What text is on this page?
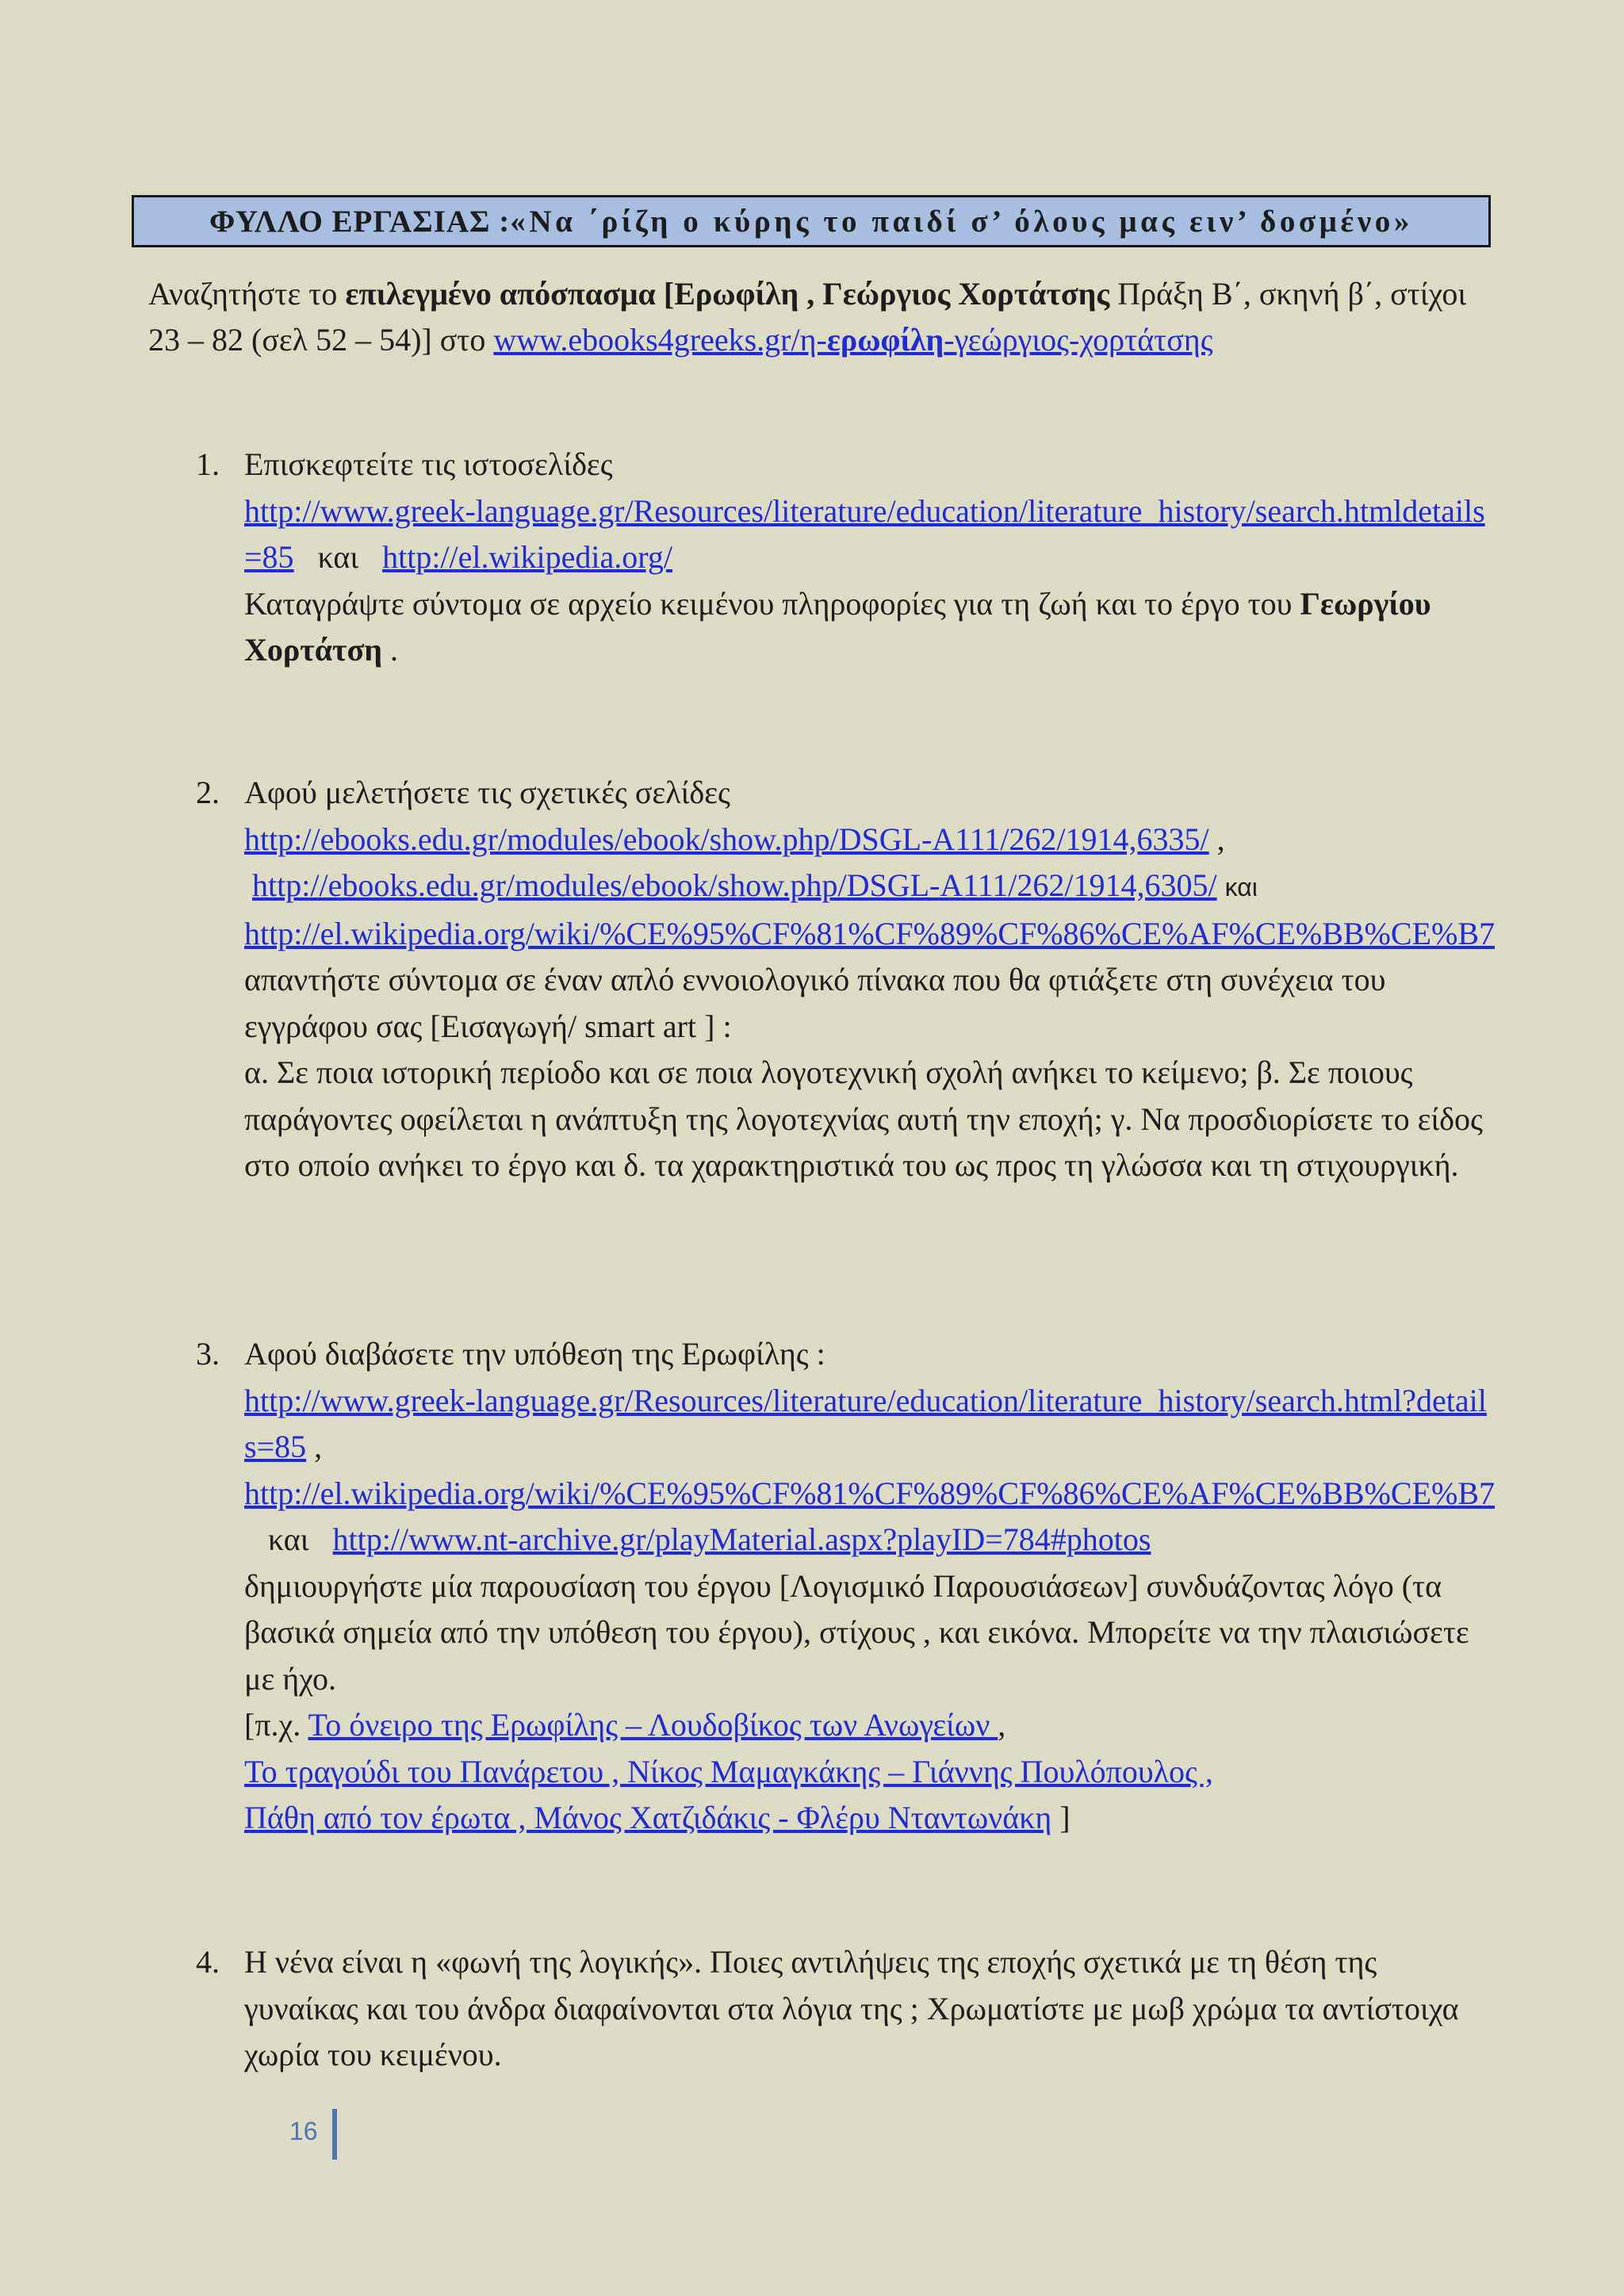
ΦΥΛΛΟ ΕΡΓΑΣΙΑΣ : «Να ΄ρίζη ο κύρης το παιδί σ’ όλους μας ειν’ δοσμένο»
Αναζητήστε το επιλεγμένο απόσπασμα [Ερωφίλη , Γεώργιος Χορτάτσης Πράξη Β΄, σκηνή β΄, στίχοι 23 – 82 (σελ 52 – 54)] στο www.ebooks4greeks.gr/η-ερωφίλη-γεώργιος-χορτάτσης
1. Επισκεφτείτε τις ιστοσελίδες

http://www.greek-language.gr/Resources/literature/education/literature_history/search.htmldetails=85   και   http://el.wikipedia.org/

Καταγράψτε σύντομα σε αρχείο κειμένου πληροφορίες για τη ζωή και το έργο του Γεωργίου Χορτάτση .

2. Αφού μελετήσετε τις σχετικές σελίδες

http://ebooks.edu.gr/modules/ebook/show.php/DSGL-A111/262/1914,6335/ ,

http://ebooks.edu.gr/modules/ebook/show.php/DSGL-A111/262/1914,6305/ και

http://el.wikipedia.org/wiki/%CE%95%CF%81%CF%89%CF%86%CE%AF%CE%BB%CE%B7

απαντήστε σύντομα σε έναν απλό εννοιολογικό πίνακα που θα φτιάξετε στη συνέχεια του εγγράφου σας [Εισαγωγή/ smart art ] :

α. Σε ποια ιστορική περίοδο και σε ποια λογοτεχνική σχολή ανήκει το κείμενο; β. Σε ποιους παράγοντες οφείλεται η ανάπτυξη της λογοτεχνίας αυτή την εποχή; γ. Να προσδιορίσετε το είδος στο οποίο ανήκει το έργο και δ. τα χαρακτηριστικά του ως προς τη γλώσσα και τη στιχουργική.

3. Αφού διαβάσετε την υπόθεση της Ερωφίλης :

http://www.greek-language.gr/Resources/literature/education/literature_history/search.html?details=85 ,

http://el.wikipedia.org/wiki/%CE%95%CF%81%CF%89%CF%86%CE%AF%CE%BB%CE%B7   και   http://www.nt-archive.gr/playMaterial.aspx?playID=784#photos

δημιουργήστε μία παρουσίαση του έργου [Λογισμικό Παρουσιάσεων] συνδυάζοντας λόγο (τα βασικά σημεία από την υπόθεση του έργου), στίχους , και εικόνα. Μπορείτε να την πλαισιώσετε με ήχο.

[π.χ. Το όνειρο της Ερωφίλης – Λουδοβίκος των Ανωγείων ,

Το τραγούδι του Πανάρετου , Νίκος Μαμαγκάκης – Γιάννης Πουλόπουλος ,

Πάθη από τον έρωτα , Μάνος Χατζιδάκις - Φλέρυ Νταντωνάκη ]

4. Η νένα είναι η «φωνή της λογικής». Ποιες αντιλήψεις της εποχής σχετικά με τη θέση της γυναίκας και του άνδρα διαφαίνονται στα λόγια της ; Χρωματίστε με μωβ χρώμα τα αντίστοιχα χωρία του κειμένου.

16
